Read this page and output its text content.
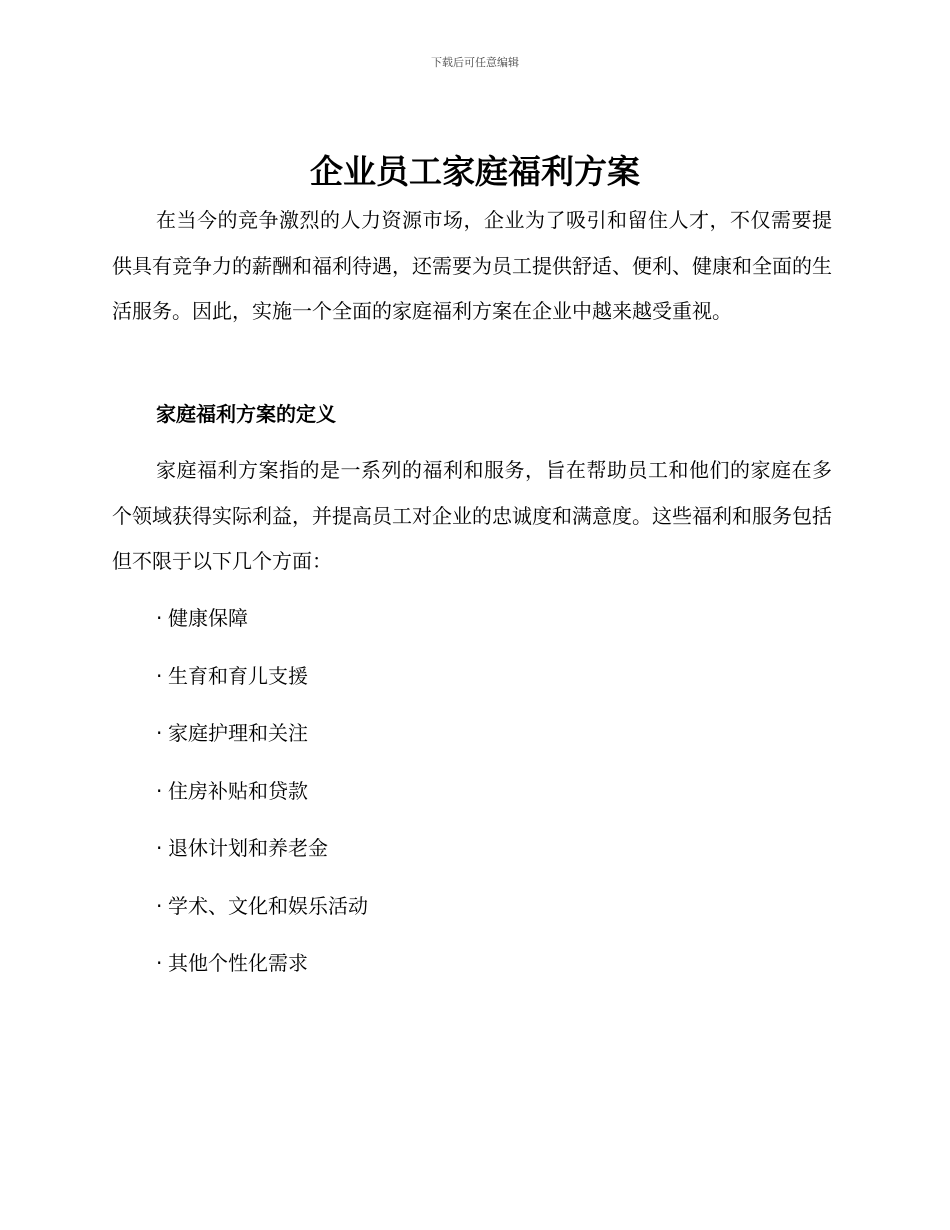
下载后可任意编辑
企业员工家庭福利方案

在当今的竞争激烈的人力资源市场，企业为了吸引和留住人才，不仅需要提供具有竞争力的薪酬和福利待遇，还需要为员工提供舒适、便利、健康和全面的生活服务。因此，实施一个全面的家庭福利方案在企业中越来越受重视。

家庭福利方案的定义

家庭福利方案指的是一系列的福利和服务，旨在帮助员工和他们的家庭在多个领域获得实际利益，并提高员工对企业的忠诚度和满意度。这些福利和服务包括但不限于以下几个方面：

· 健康保障
· 生育和育儿支援
· 家庭护理和关注
· 住房补贴和贷款
· 退休计划和养老金
· 学术、文化和娱乐活动
· 其他个性化需求
